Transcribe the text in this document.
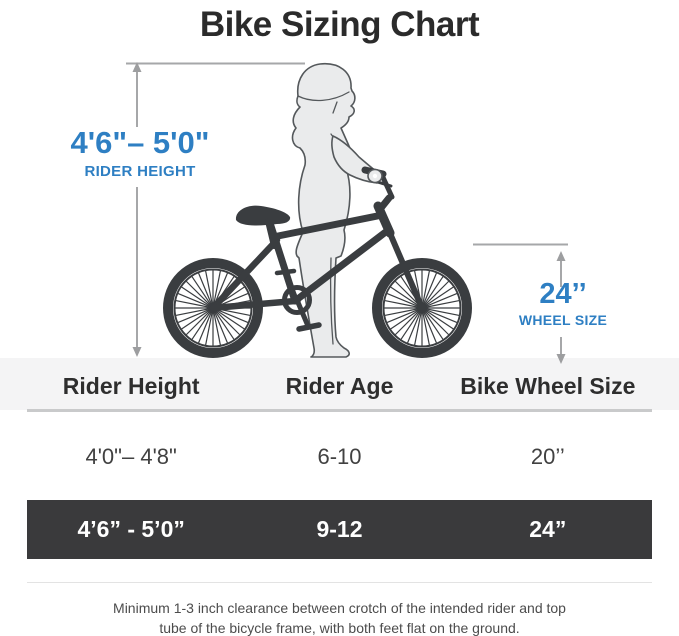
Bike Sizing Chart
4'6"– 5'0"
RIDER HEIGHT
24’’
WHEEL SIZE
Rider Height	Rider Age	Bike Wheel Size
4'0"– 4'8"	6-10	20’’
4’6” - 5’0”	9-12	24”
Minimum 1-3 inch clearance between crotch of the intended rider and top
tube of the bicycle frame, with both feet flat on the ground.
